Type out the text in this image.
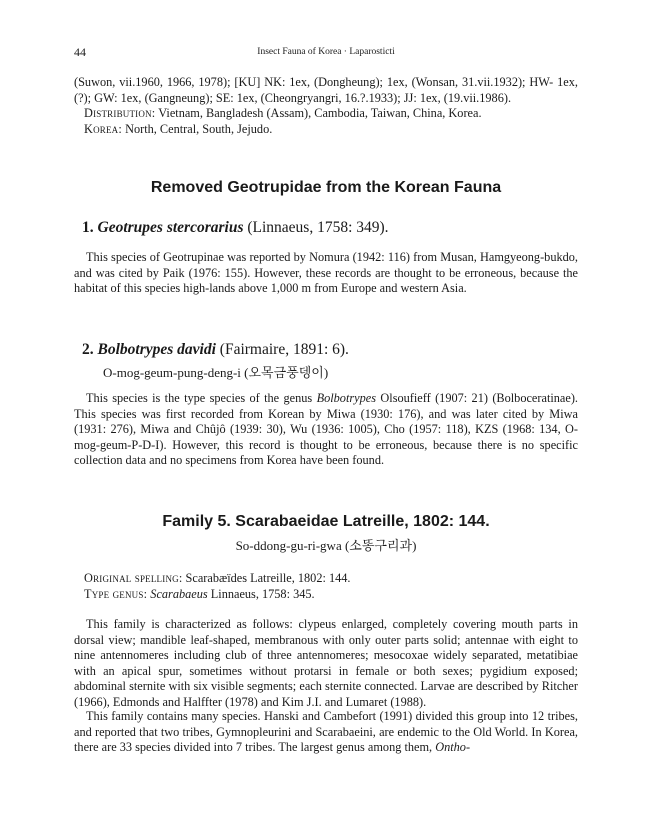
44	Insect Fauna of Korea · Laparosticti
(Suwon, vii.1960, 1966, 1978); [KU] NK: 1ex, (Dongheung); 1ex, (Wonsan, 31.vii.1932); HW- 1ex, (?); GW: 1ex, (Gangneung); SE: 1ex, (Cheongryangri, 16.?.1933); JJ: 1ex, (19.vii.1986).
Distribution: Vietnam, Bangladesh (Assam), Cambodia, Taiwan, China, Korea.
Korea: North, Central, South, Jejudo.
Removed Geotrupidae from the Korean Fauna
1. Geotrupes stercorarius (Linnaeus, 1758: 349).

This species of Geotrupinae was reported by Nomura (1942: 116) from Musan, Hamgyeong-bukdo, and was cited by Paik (1976: 155). However, these records are thought to be erroneous, because the habitat of this species high-lands above 1,000 m from Europe and western Asia.

2. Bolbotrypes davidi (Fairmaire, 1891: 6).
O-mog-geum-pung-deng-i (오목금풍뎅이)

This species is the type species of the genus Bolbotrypes Olsoufieff (1907: 21) (Bolboceratinae). This species was first recorded from Korean by Miwa (1930: 176), and was later cited by Miwa (1931: 276), Miwa and Chûjô (1939: 30), Wu (1936: 1005), Cho (1957: 118), KZS (1968: 134, O-mog-geum-P-D-I). However, this record is thought to be erroneous, because there is no specific collection data and no specimens from Korea have been found.

Family 5. Scarabaeidae Latreille, 1802: 144.
So-ddong-gu-ri-gwa (소똥구리과)
Original spelling: Scarabæïdes Latreille, 1802: 144.
Type genus: Scarabaeus Linnaeus, 1758: 345.

This family is characterized as follows: clypeus enlarged, completely covering mouth parts in dorsal view; mandible leaf-shaped, membranous with only outer parts solid; antennae with eight to nine antennomeres including club of three antennomeres; mesocoxae widely separated, metatibiae with an apical spur, sometimes without protarsi in female or both sexes; pygidium exposed; abdominal sternite with six visible segments; each sternite connected. Larvae are described by Ritcher (1966), Edmonds and Halffter (1978) and Kim J.I. and Lumaret (1988).

This family contains many species. Hanski and Cambefort (1991) divided this group into 12 tribes, and reported that two tribes, Gymnopleurini and Scarabaeini, are endemic to the Old World. In Korea, there are 33 species divided into 7 tribes. The largest genus among them, Ontho-
